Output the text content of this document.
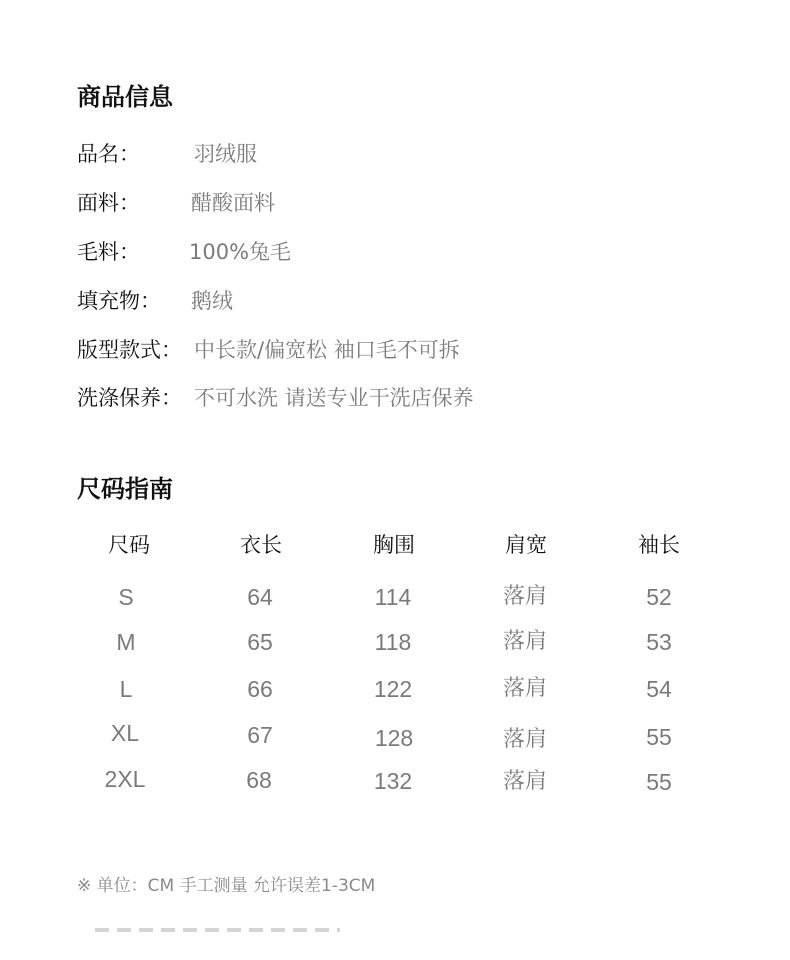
商品信息
品名：	羽绒服
面料： 醋酸面料
毛料： 100%兔毛
填充物： 鹅绒
版型款式： 中长款/偏宽松 袖口毛不可拆
洗涤保养： 不可水洗 请送专业干洗店保养
尺码指南
尺码	衣长	胸围	肩宽	袖长
S	64	114	落肩	52
M	65	118	落肩	53
L	66	122	落肩	54
XL	67	128	落肩	55
2XL	68	132	落肩	55
※ 单位：CM 手工测量 允许误差1-3CM
